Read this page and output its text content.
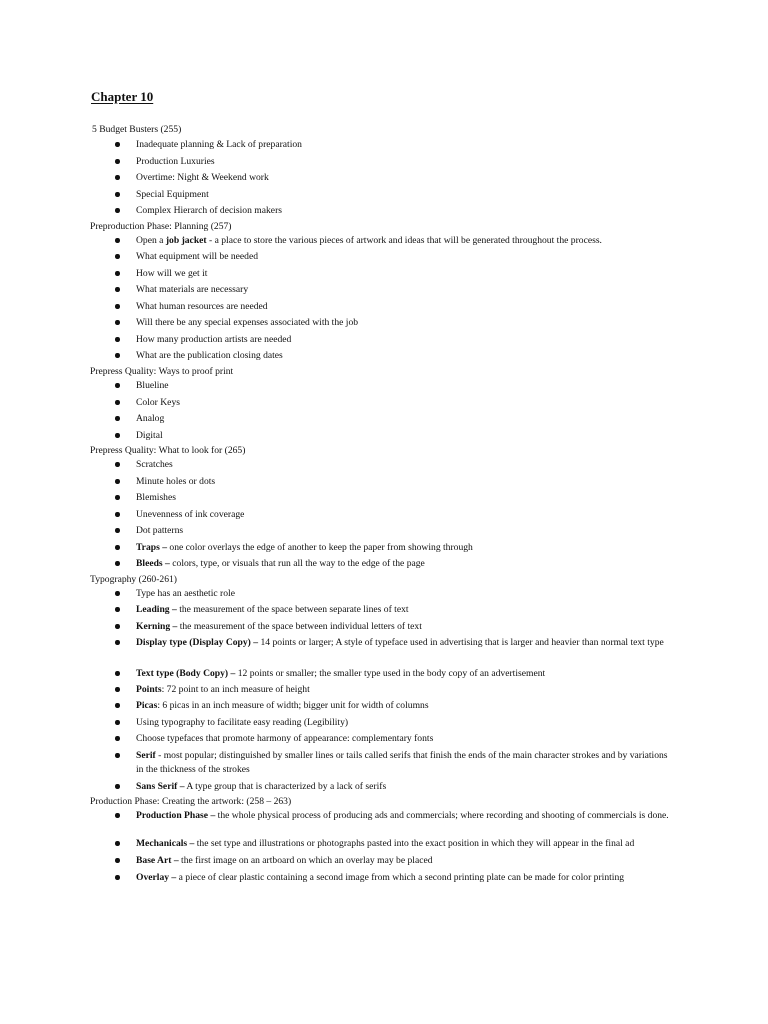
Chapter 10
5 Budget Busters (255)
Inadequate planning & Lack of preparation
Production Luxuries
Overtime: Night & Weekend work
Special Equipment
Complex Hierarch of decision makers
Preproduction Phase: Planning (257)
Open a job jacket - a place to store the various pieces of artwork and ideas that will be generated throughout the process.
What equipment will be needed
How will we get it
What materials are necessary
What human resources are needed
Will there be any special expenses associated with the job
How many production artists are needed
What are the publication closing dates
Prepress Quality: Ways to proof print
Blueline
Color Keys
Analog
Digital
Prepress Quality: What to look for (265)
Scratches
Minute holes or dots
Blemishes
Unevenness of ink coverage
Dot patterns
Traps – one color overlays the edge of another to keep the paper from showing through
Bleeds – colors, type, or visuals that run all the way to the edge of the page
Typography (260-261)
Type has an aesthetic role
Leading – the measurement of the space between separate lines of text
Kerning – the measurement of the space between individual letters of text
Display type (Display Copy) – 14 points or larger; A style of typeface used in advertising that is larger and heavier than normal text type
Text type (Body Copy) – 12 points or smaller; the smaller type used in the body copy of an advertisement
Points: 72 point to an inch measure of height
Picas: 6 picas in an inch measure of width; bigger unit for width of columns
Using typography to facilitate easy reading (Legibility)
Choose typefaces that promote harmony of appearance: complementary fonts
Serif - most popular; distinguished by smaller lines or tails called serifs that finish the ends of the main character strokes and by variations in the thickness of the strokes
Sans Serif – A type group that is characterized by a lack of serifs
Production Phase: Creating the artwork: (258 – 263)
Production Phase – the whole physical process of producing ads and commercials; where recording and shooting of commercials is done.
Mechanicals – the set type and illustrations or photographs pasted into the exact position in which they will appear in the final ad
Base Art – the first image on an artboard on which an overlay may be placed
Overlay – a piece of clear plastic containing a second image from which a second printing plate can be made for color printing
